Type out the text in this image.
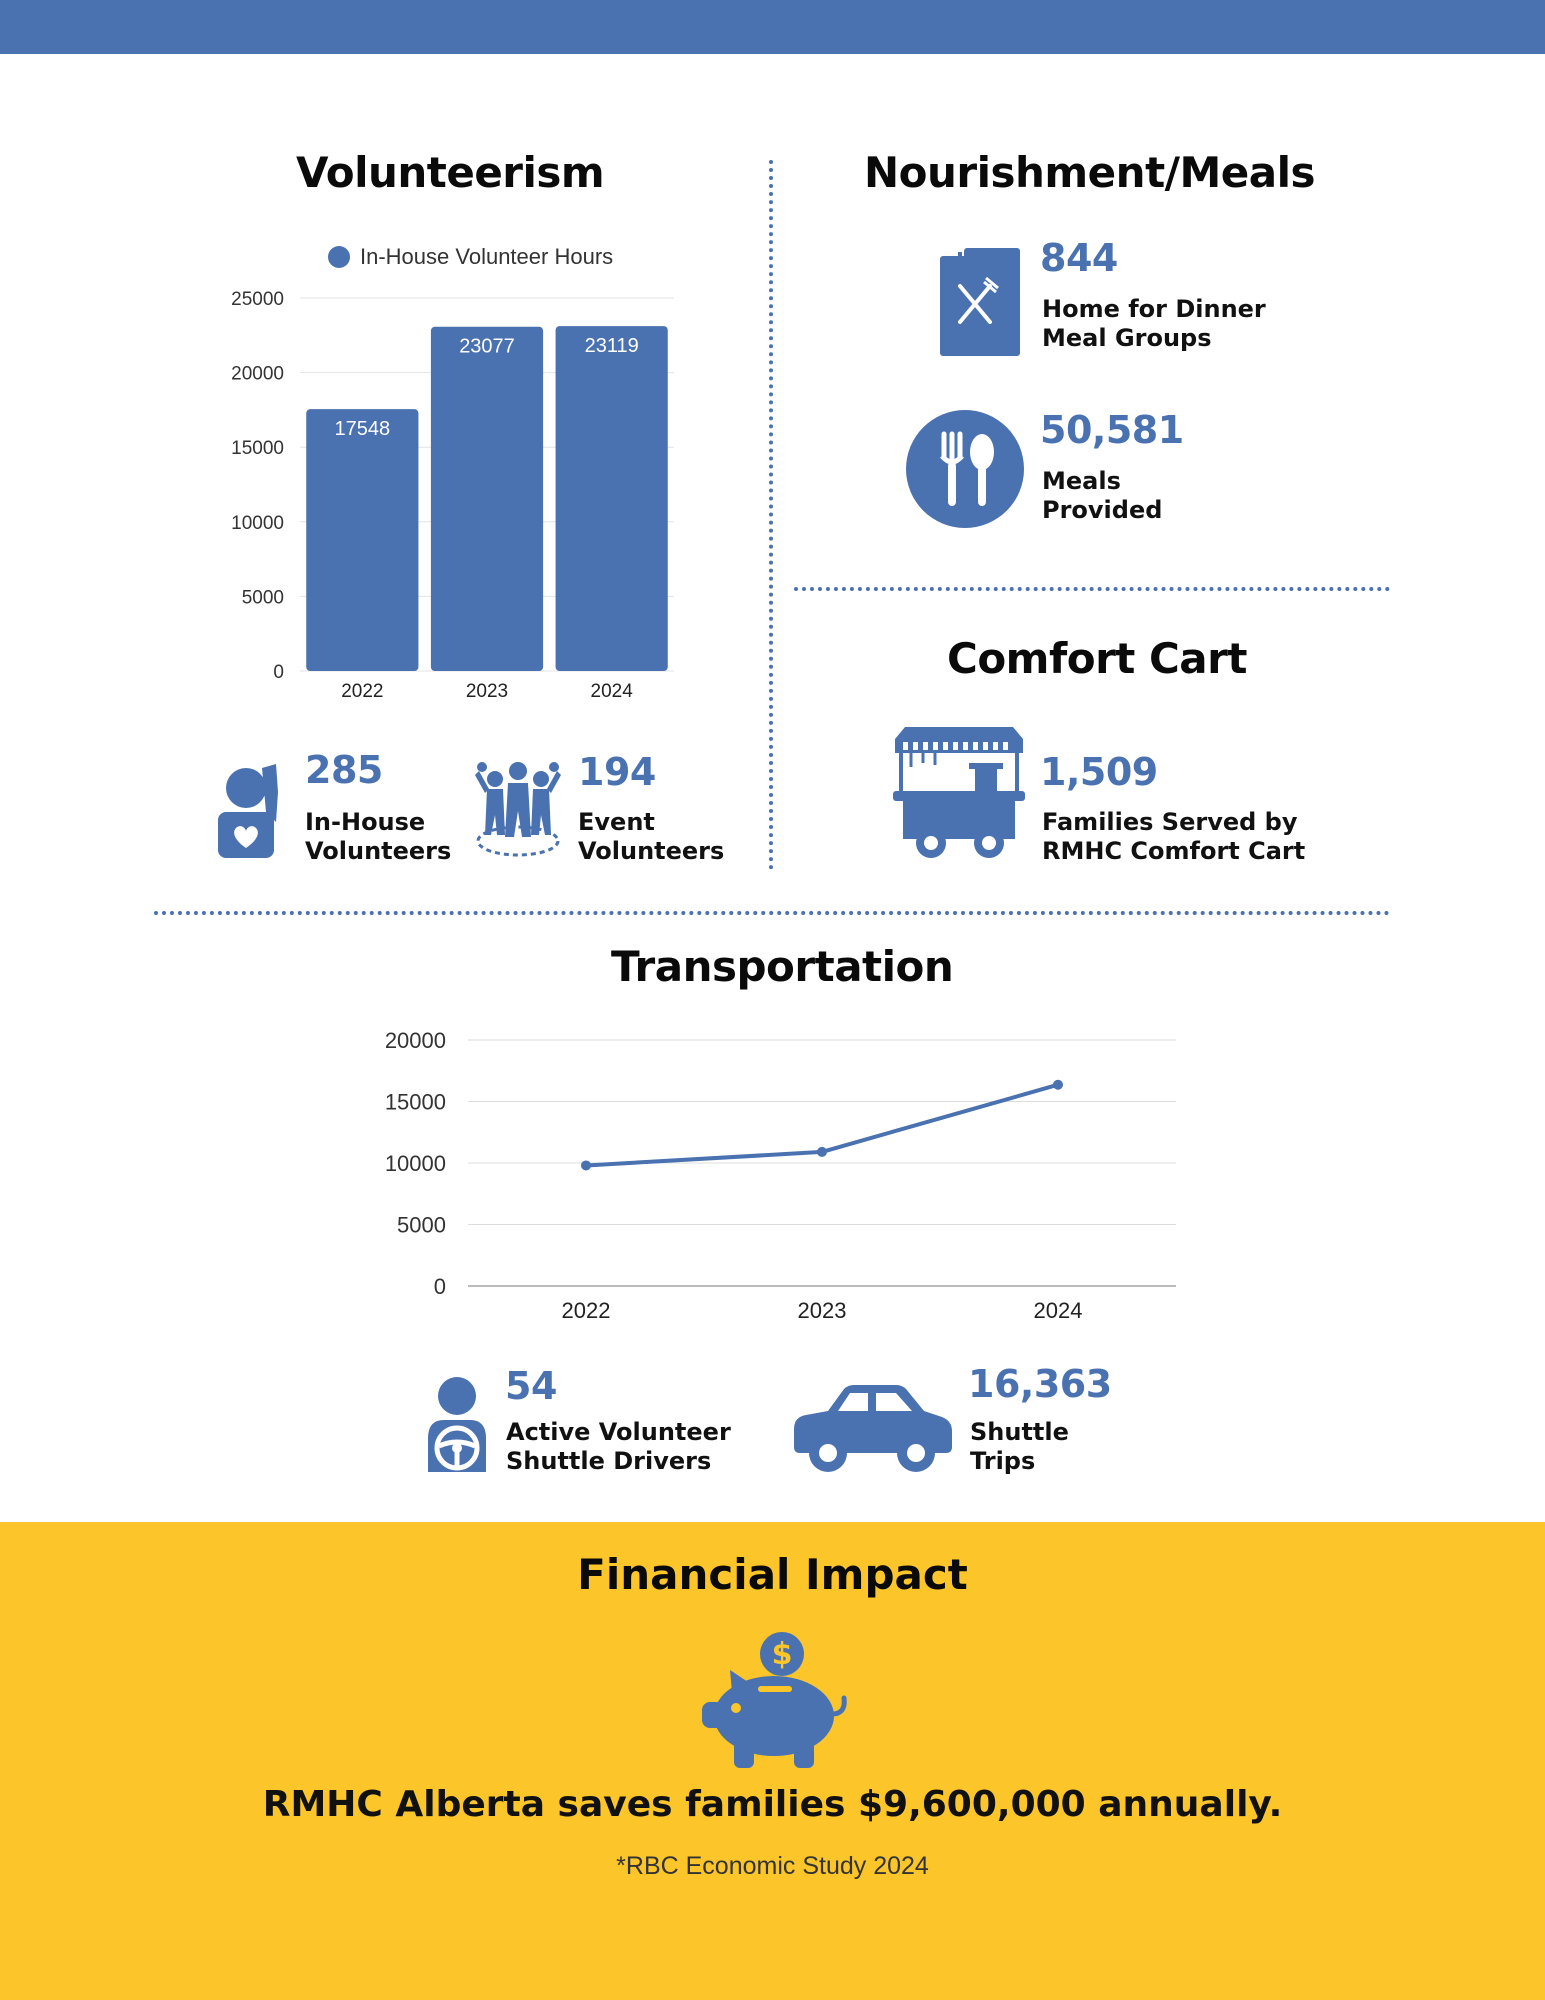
Volunteerism
In-House Volunteer Hours
0
5000
10000
15000
20000
25000
17548
2022
23077
2023
23119
2024
285
In-House
Volunteers
194
Event
Volunteers
Nourishment/Meals
844
Home for Dinner
Meal Groups
50,581
Meals
Provided
Comfort Cart
1,509
Families Served by
RMHC Comfort Cart
Transportation
0
5000
10000
15000
20000
2022	2023	2024
54
Active Volunteer
Shuttle Drivers
16,363
Shuttle
Trips
Financial Impact
$
RMHC Alberta saves families $9,600,000 annually.
*RBC Economic Study 2024
